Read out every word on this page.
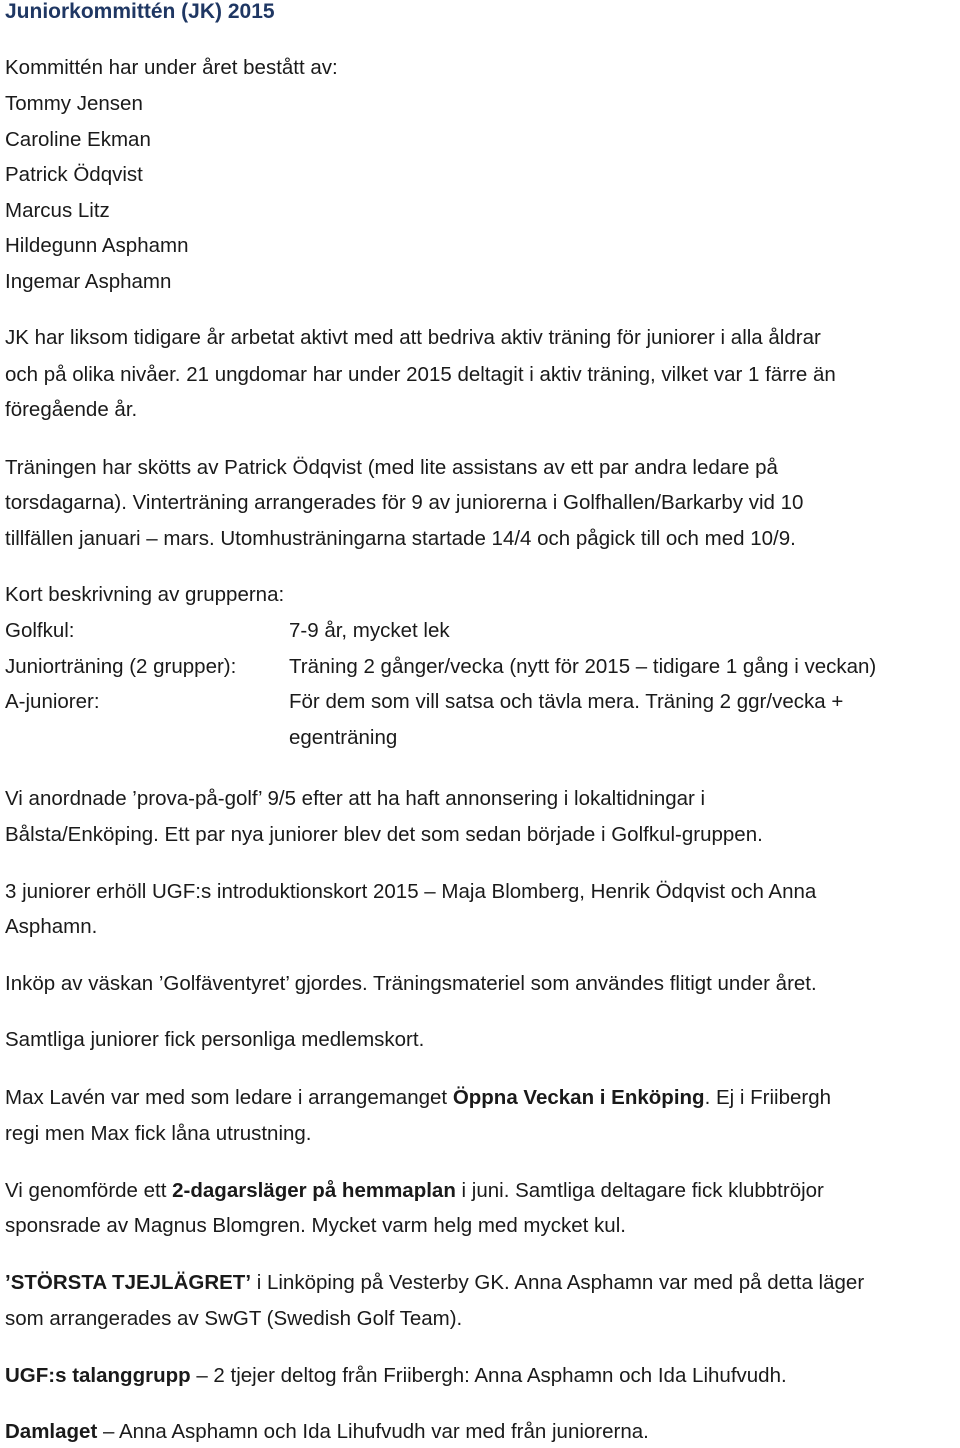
Juniorkommittén (JK) 2015
Kommittén har under året bestått av:
Tommy Jensen
Caroline Ekman
Patrick Ödqvist
Marcus Litz
Hildegunn Asphamn
Ingemar Asphamn
JK har liksom tidigare år arbetat aktivt med att bedriva aktiv träning för juniorer i alla åldrar
och på olika nivåer. 21 ungdomar har under 2015 deltagit i aktiv träning, vilket var 1 färre än
föregående år.
Träningen har skötts av Patrick Ödqvist (med lite assistans av ett par andra ledare på
torsdagarna). Vinterträning arrangerades för 9 av juniorerna i Golfhallen/Barkarby vid 10
tillfällen januari – mars. Utomhusträningarna startade 14/4 och pågick till och med 10/9.
Kort beskrivning av grupperna:
Golfkul:	7-9 år, mycket lek
Juniorträning (2 grupper):	Träning 2 gånger/vecka (nytt för 2015 – tidigare 1 gång i veckan)
A-juniorer:	För dem som vill satsa och tävla mera. Träning 2 ggr/vecka +
egenträning
Vi anordnade ’prova-på-golf’ 9/5 efter att ha haft annonsering i lokaltidningar i
Bålsta/Enköping. Ett par nya juniorer blev det som sedan började i Golfkul-gruppen.
3 juniorer erhöll UGF:s introduktionskort 2015 – Maja Blomberg, Henrik Ödqvist och Anna
Asphamn.
Inköp av väskan ’Golfäventyret’ gjordes. Träningsmateriel som användes flitigt under året.
Samtliga juniorer fick personliga medlemskort.
Max Lavén var med som ledare i arrangemanget Öppna Veckan i Enköping. Ej i Friibergh
regi men Max fick låna utrustning.
Vi genomförde ett 2-dagarsläger på hemmaplan i juni. Samtliga deltagare fick klubbtröjor
sponsrade av Magnus Blomgren. Mycket varm helg med mycket kul.
’STÖRSTA TJEJLÄGRET’ i Linköping på Vesterby GK. Anna Asphamn var med på detta läger
som arrangerades av SwGT (Swedish Golf Team).
UGF:s talanggrupp – 2 tjejer deltog från Friibergh: Anna Asphamn och Ida Lihufvudh.
Damlaget – Anna Asphamn och Ida Lihufvudh var med från juniorerna.
